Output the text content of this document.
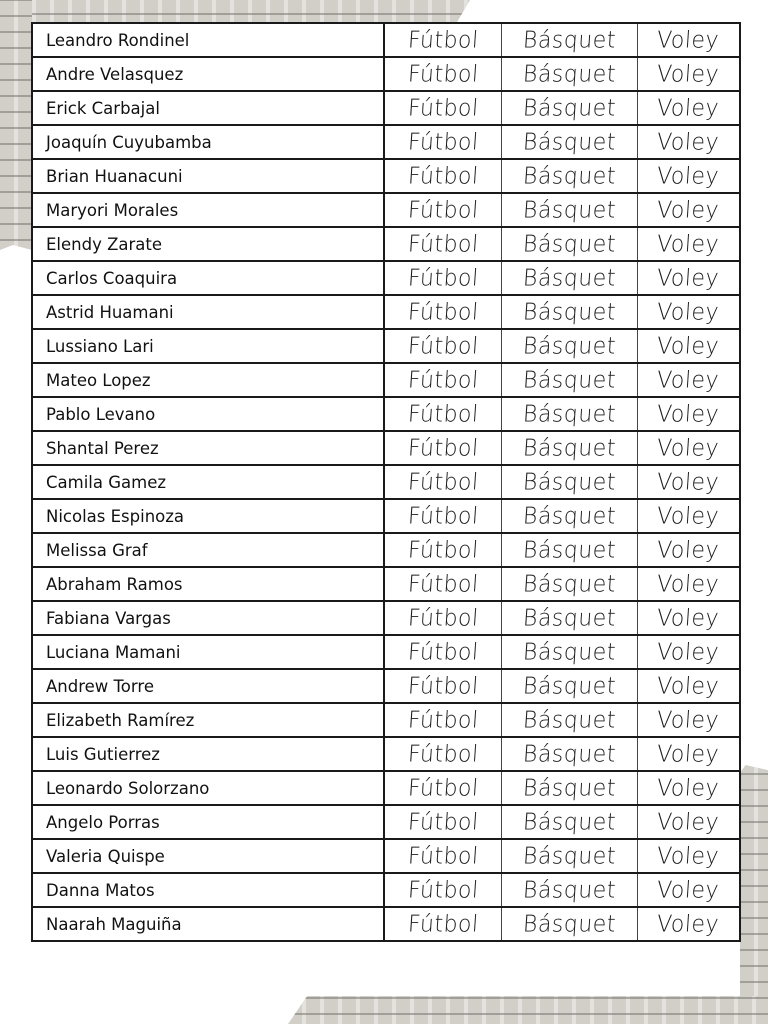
Leandro Rondinel	Fútbol	Básquet	Voley
Andre Velasquez	Fútbol	Básquet	Voley
Erick Carbajal	Fútbol	Básquet	Voley
Joaquín Cuyubamba	Fútbol	Básquet	Voley
Brian Huanacuni	Fútbol	Básquet	Voley
Maryori Morales	Fútbol	Básquet	Voley
Elendy Zarate	Fútbol	Básquet	Voley
Carlos Coaquira	Fútbol	Básquet	Voley
Astrid Huamani	Fútbol	Básquet	Voley
Lussiano Lari	Fútbol	Básquet	Voley
Mateo Lopez	Fútbol	Básquet	Voley
Pablo Levano	Fútbol	Básquet	Voley
Shantal Perez	Fútbol	Básquet	Voley
Camila Gamez	Fútbol	Básquet	Voley
Nicolas Espinoza	Fútbol	Básquet	Voley
Melissa Graf	Fútbol	Básquet	Voley
Abraham Ramos	Fútbol	Básquet	Voley
Fabiana Vargas	Fútbol	Básquet	Voley
Luciana Mamani	Fútbol	Básquet	Voley
Andrew Torre	Fútbol	Básquet	Voley
Elizabeth Ramírez	Fútbol	Básquet	Voley
Luis Gutierrez	Fútbol	Básquet	Voley
Leonardo Solorzano	Fútbol	Básquet	Voley
Angelo Porras	Fútbol	Básquet	Voley
Valeria Quispe	Fútbol	Básquet	Voley
Danna Matos	Fútbol	Básquet	Voley
Naarah Maguiña	Fútbol	Básquet	Voley
